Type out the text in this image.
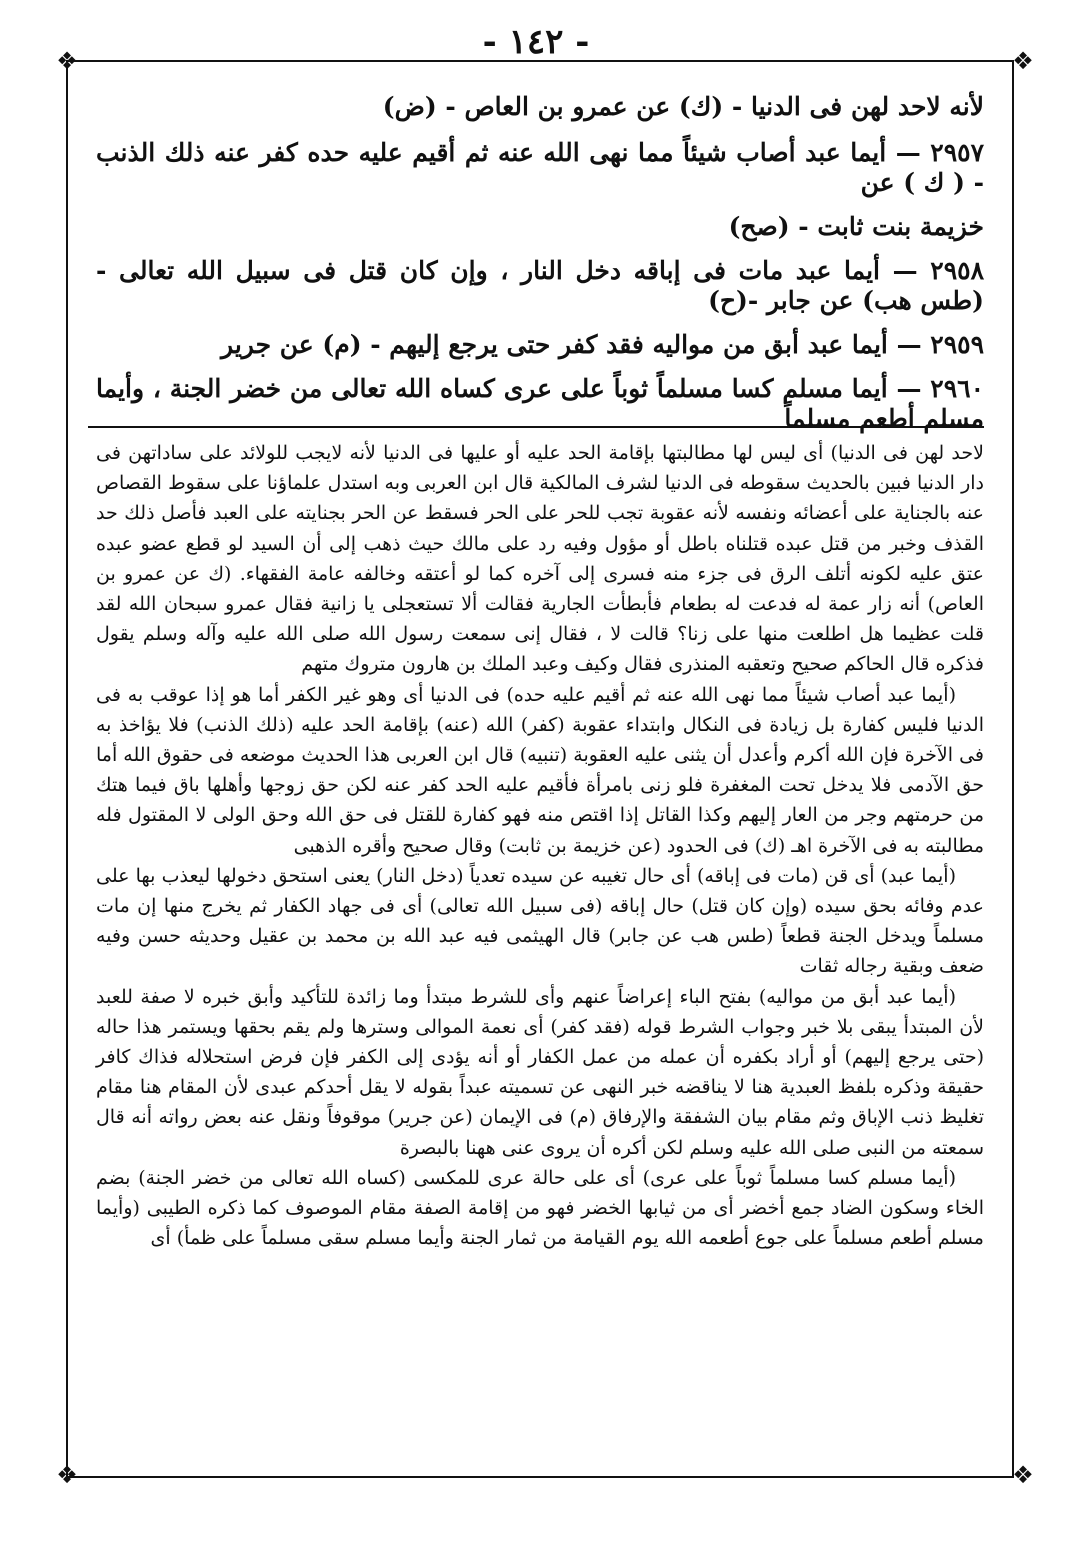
- ١٤٢ -
❖	❖
❖	❖
لأنه لاحد لهن فى الدنيا - (ك) عن عمرو بن العاص - (ض)
٢٩٥٧ — أيما عبد أصاب شيئاً مما نهى الله عنه ثم أقيم عليه حده كفر عنه ذلك الذنب - ( ك ) عن
خزيمة بنت ثابت - (صح)
٢٩٥٨ — أيما عبد مات فى إباقه دخل النار ، وإن كان قتل فى سبيل الله تعالى - (طس هب) عن جابر -(ح)
٢٩٥٩ — أيما عبد أبق من مواليه فقد كفر حتى يرجع إليهم - (م) عن جرير
٢٩٦٠ — أيما مسلم كسا مسلماً ثوباً على عرى كساه الله تعالى من خضر الجنة ، وأيما مسلم أطعم مسلماً

لاحد لهن فى الدنيا) أى ليس لها مطالبتها بإقامة الحد عليه أو عليها فى الدنيا لأنه لايجب للولائد على ساداتهن فى دار الدنيا فبين بالحديث سقوطه فى الدنيا لشرف المالكية قال ابن العربى وبه استدل علماؤنا على سقوط القصاص عنه بالجناية على أعضائه ونفسه لأنه عقوبة تجب للحر على الحر فسقط عن الحر بجنايته على العبد فأصل ذلك حد القذف وخبر من قتل عبده قتلناه باطل أو مؤول وفيه رد على مالك حيث ذهب إلى أن السيد لو قطع عضو عبده عتق عليه لكونه أتلف الرق فى جزء منه فسرى إلى آخره كما لو أعتقه وخالفه عامة الفقهاء. (ك عن عمرو بن العاص) أنه زار عمة له فدعت له بطعام فأبطأت الجارية فقالت ألا تستعجلى يا زانية فقال عمرو سبحان الله لقد قلت عظيما هل اطلعت منها على زنا؟ قالت لا ، فقال إنى سمعت رسول الله صلى الله عليه وآله وسلم يقول فذكره قال الحاكم صحيح وتعقبه المنذرى فقال وكيف وعبد الملك بن هارون متروك متهم

(أيما عبد أصاب شيئاً مما نهى الله عنه ثم أقيم عليه حده) فى الدنيا أى وهو غير الكفر أما هو إذا عوقب به فى الدنيا فليس كفارة بل زيادة فى النكال وابتداء عقوبة (كفر) الله (عنه) بإقامة الحد عليه (ذلك الذنب) فلا يؤاخذ به فى الآخرة فإن الله أكرم وأعدل أن يثنى عليه العقوبة (تنبيه) قال ابن العربى هذا الحديث موضعه فى حقوق الله أما حق الآدمى فلا يدخل تحت المغفرة فلو زنى بامرأة فأقيم عليه الحد كفر عنه لكن حق زوجها وأهلها باق فيما هتك من حرمتهم وجر من العار إليهم وكذا القاتل إذا اقتص منه فهو كفارة للقتل فى حق الله وحق الولى لا المقتول فله مطالبته به فى الآخرة اهـ (ك) فى الحدود (عن خزيمة بن ثابت) وقال صحيح وأقره الذهبى

(أيما عبد) أى قن (مات فى إباقه) أى حال تغيبه عن سيده تعدياً (دخل النار) يعنى استحق دخولها ليعذب بها على عدم وفائه بحق سيده (وإن كان قتل) حال إباقه (فى سبيل الله تعالى) أى فى جهاد الكفار ثم يخرج منها إن مات مسلماً ويدخل الجنة قطعاً (طس هب عن جابر) قال الهيثمى فيه عبد الله بن محمد بن عقيل وحديثه حسن وفيه ضعف وبقية رجاله ثقات

(أيما عبد أبق من مواليه) بفتح الباء إعراضاً عنهم وأى للشرط مبتدأ وما زائدة للتأكيد وأبق خبره لا صفة للعبد لأن المبتدأ يبقى بلا خبر وجواب الشرط قوله (فقد كفر) أى نعمة الموالى وسترها ولم يقم بحقها ويستمر هذا حاله (حتى يرجع إليهم) أو أراد بكفره أن عمله من عمل الكفار أو أنه يؤدى إلى الكفر فإن فرض استحلاله فذاك كافر حقيقة وذكره بلفظ العبدية هنا لا يناقضه خبر النهى عن تسميته عبداً بقوله لا يقل أحدكم عبدى لأن المقام هنا مقام تغليظ ذنب الإباق وثم مقام بيان الشفقة والإرفاق (م) فى الإيمان (عن جرير) موقوفاً ونقل عنه بعض رواته أنه قال سمعته من النبى صلى الله عليه وسلم لكن أكره أن يروى عنى ههنا بالبصرة

(أيما مسلم كسا مسلماً ثوباً على عرى) أى على حالة عرى للمكسى (كساه الله تعالى من خضر الجنة) بضم الخاء وسكون الضاد جمع أخضر أى من ثيابها الخضر فهو من إقامة الصفة مقام الموصوف كما ذكره الطيبى (وأيما مسلم أطعم مسلماً على جوع أطعمه الله يوم القيامة من ثمار الجنة وأيما مسلم سقى مسلماً على ظمأ) أى
